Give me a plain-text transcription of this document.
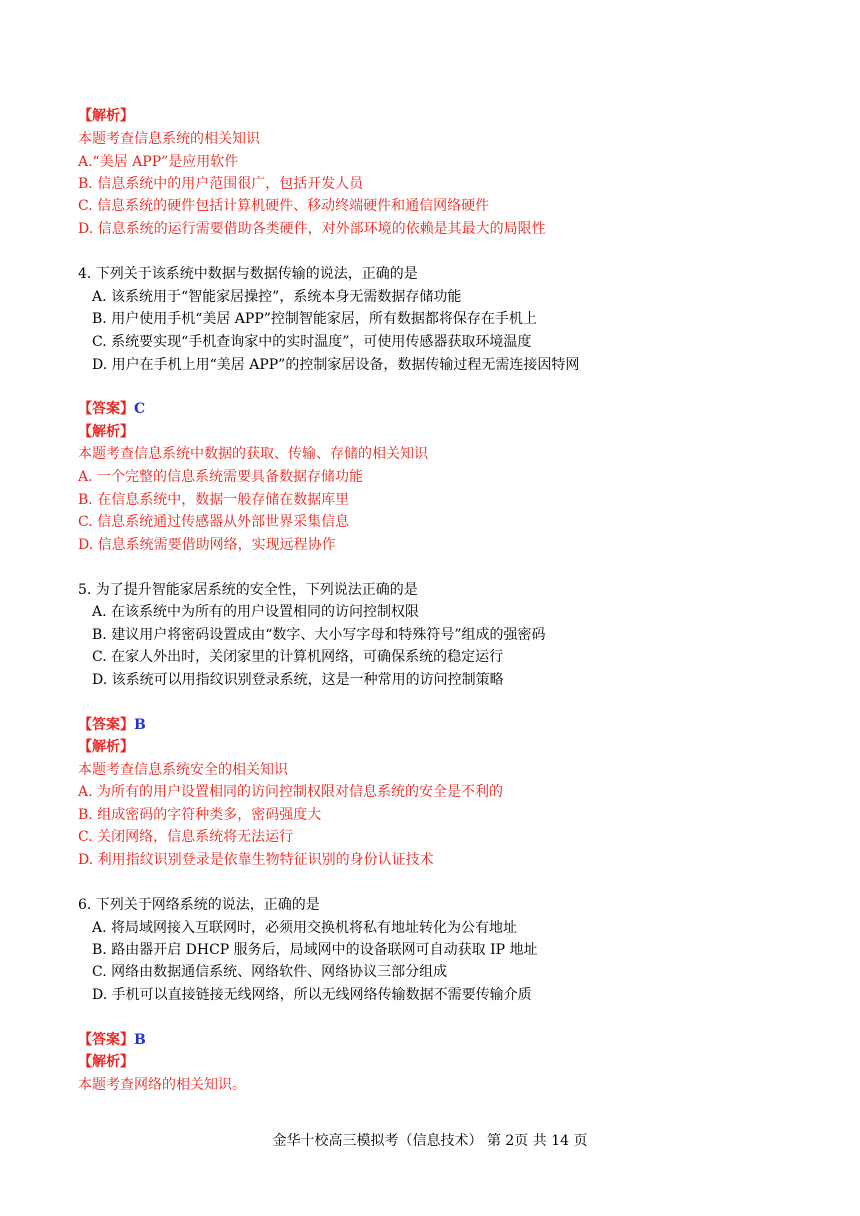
【解析】
本题考查信息系统的相关知识
A.“美居 APP”是应用软件
B. 信息系统中的用户范围很广，包括开发人员
C. 信息系统的硬件包括计算机硬件、移动终端硬件和通信网络硬件
D. 信息系统的运行需要借助各类硬件，对外部环境的依赖是其最大的局限性
4. 下列关于该系统中数据与数据传输的说法，正确的是
A. 该系统用于“智能家居操控”，系统本身无需数据存储功能
B. 用户使用手机“美居 APP”控制智能家居，所有数据都将保存在手机上
C. 系统要实现“手机查询家中的实时温度”，可使用传感器获取环境温度
D. 用户在手机上用“美居 APP”的控制家居设备，数据传输过程无需连接因特网
【答案】C
【解析】
本题考查信息系统中数据的获取、传输、存储的相关知识
A. 一个完整的信息系统需要具备数据存储功能
B. 在信息系统中，数据一般存储在数据库里
C. 信息系统通过传感器从外部世界采集信息
D. 信息系统需要借助网络，实现远程协作
5. 为了提升智能家居系统的安全性，下列说法正确的是
A. 在该系统中为所有的用户设置相同的访问控制权限
B. 建议用户将密码设置成由“数字、大小写字母和特殊符号”组成的强密码
C. 在家人外出时，关闭家里的计算机网络，可确保系统的稳定运行
D. 该系统可以用指纹识别登录系统，这是一种常用的访问控制策略
【答案】B
【解析】
本题考查信息系统安全的相关知识
A. 为所有的用户设置相同的访问控制权限对信息系统的安全是不利的
B. 组成密码的字符种类多，密码强度大
C. 关闭网络，信息系统将无法运行
D. 利用指纹识别登录是依靠生物特征识别的身份认证技术
6. 下列关于网络系统的说法，正确的是
A. 将局域网接入互联网时，必须用交换机将私有地址转化为公有地址
B. 路由器开启 DHCP 服务后，局域网中的设备联网可自动获取 IP 地址
C. 网络由数据通信系统、网络软件、网络协议三部分组成
D. 手机可以直接链接无线网络，所以无线网络传输数据不需要传输介质
【答案】B
【解析】
本题考查网络的相关知识。
金华十校高三模拟考（信息技术） 第 2页 共 14 页
